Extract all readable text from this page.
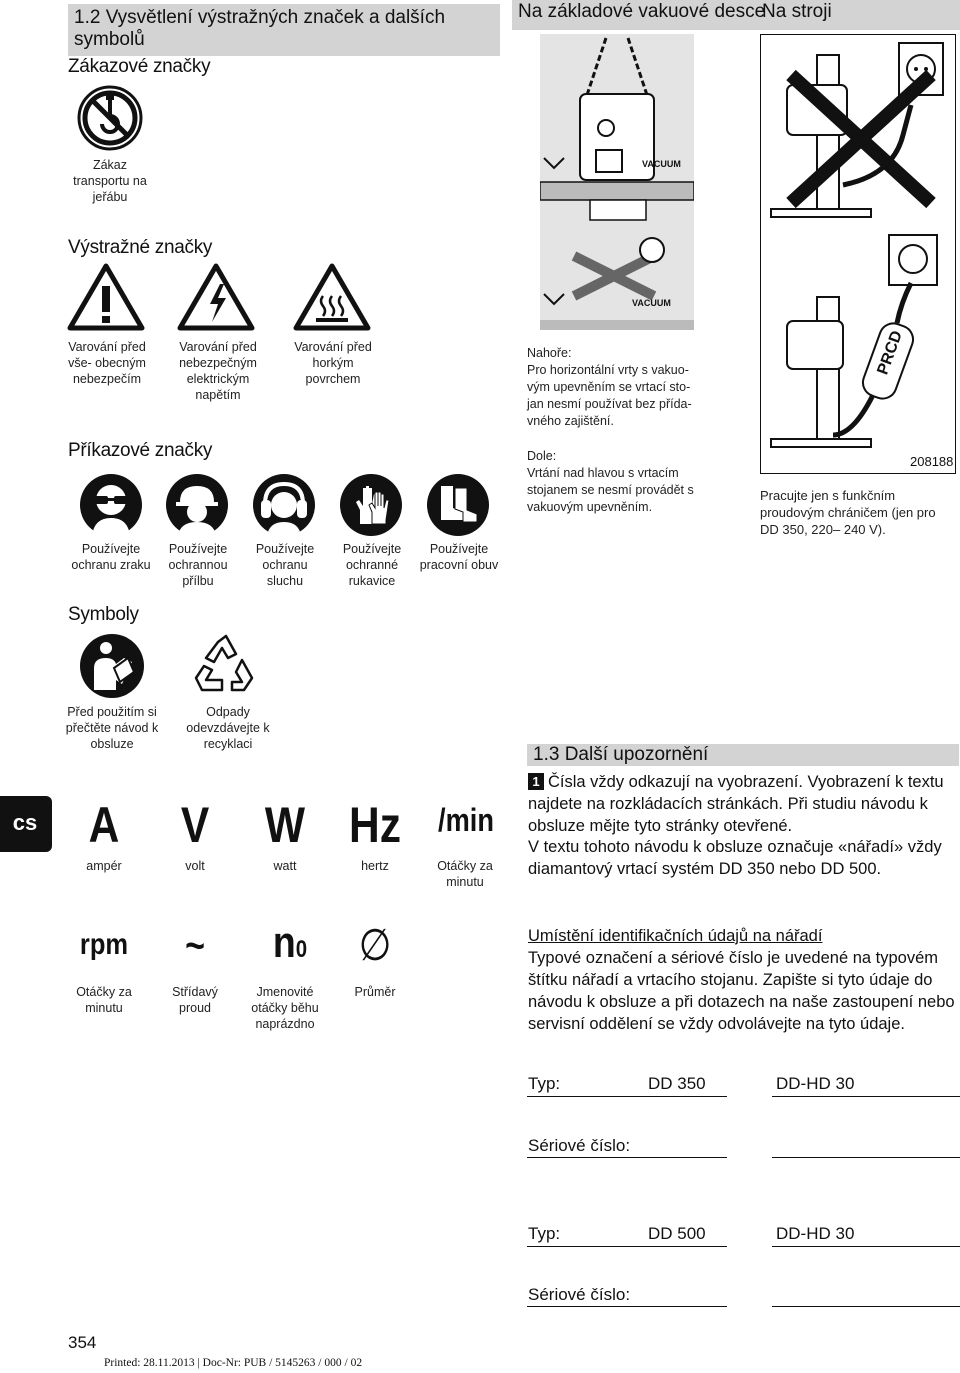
1.2 Vysvětlení výstražných značek a dalších symbolů
Na základové vakuové desce
Na stroji
Zákazové značky
Zákaz transportu na jeřábu
Výstražné značky
Varování před vše- obecným nebezpečím
Varování před nebezpečným elektrickým napětím
Varování před horkým povrchem
Příkazové značky
Používejte ochranu zraku
Používejte ochrannou přílbu
Používejte ochranu sluchu
Používejte ochranné rukavice
Používejte pracovní obuv
Symboly
Před použitím si přečtěte návod k obsluze
Odpady odevzdávejte k recyklaci
cs A V W Hz /min
ampér	volt	watt	hertz	Otáčky za minutu
rpm ~ n0 ∅
Otáčky za minutu
Střídavý proud
Jmenovité otáčky běhu naprázdno
Průměr
VACUUM
VACUUM
Nahoře:
Pro horizontální vrty s vakuo- vým upevněním se vrtací sto- jan nesmí používat bez přída- vného zajištění.
Dole:
Vrtání nad hlavou s vrtacím stojanem se nesmí provádět s vakuovým upevněním.
PRCD
208188
Pracujte jen s funkčním proudovým chráničem (jen pro DD 350, 220– 240 V).
1.3 Další upozornění
1 Čísla vždy odkazují na vyobrazení. Vyobrazení k textu najdete na rozkládacích stránkách. Při studiu návodu k obsluze mějte tyto stránky otevřené.
V textu tohoto návodu k obsluze označuje «nářadí» vždy diamantový vrtací systém DD 350 nebo DD 500.
Umístění identifikačních údajů na nářadí
Typové označení a sériové číslo je uvedené na typovém štítku nářadí a vrtacího stojanu. Zapište si tyto údaje do návodu k obsluze a při dotazech na naše zastoupení nebo servisní oddělení se vždy odvolávejte na tyto údaje.
Typ:	DD 350	DD-HD 30
Sériové číslo:
Typ:	DD 500	DD-HD 30
Sériové číslo:
354
Printed: 28.11.2013 | Doc-Nr: PUB / 5145263 / 000 / 02
